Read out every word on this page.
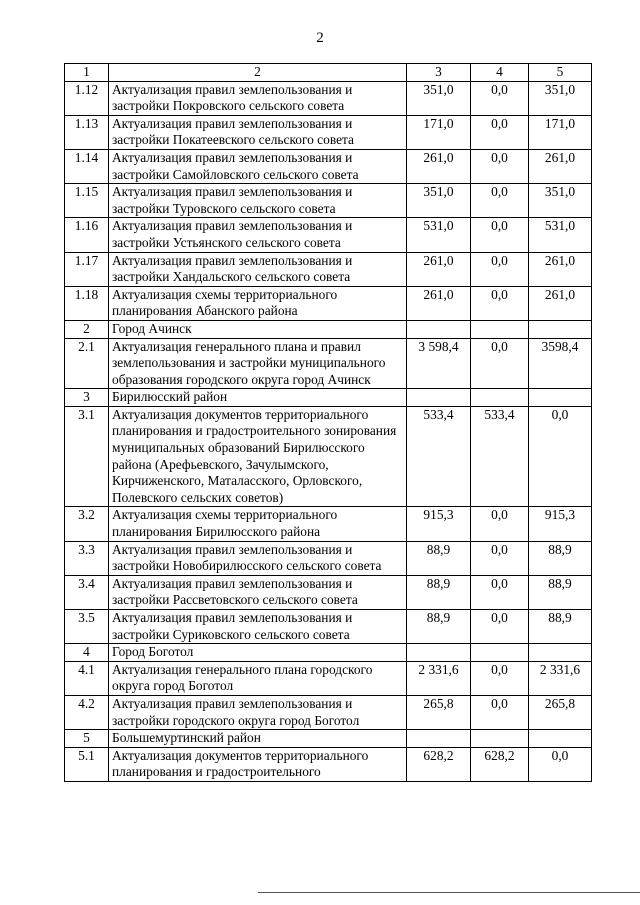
2
1	2	3	4	5
1.12	Актуализация правил землепользования и застройки Покровского сельского совета	351,0	0,0	351,0
1.13	Актуализация правил землепользования и застройки Покатеевского сельского совета	171,0	0,0	171,0
1.14	Актуализация правил землепользования и застройки Самойловского сельского совета	261,0	0,0	261,0
1.15	Актуализация правил землепользования и застройки Туровского сельского совета	351,0	0,0	351,0
1.16	Актуализация правил землепользования и застройки Устьянского сельского совета	531,0	0,0	531,0
1.17	Актуализация правил землепользования и застройки Хандальского сельского совета	261,0	0,0	261,0
1.18	Актуализация схемы территориального планирования Абанского района	261,0	0,0	261,0
2	Город Ачинск			
2.1	Актуализация генерального плана и правил землепользования и застройки муниципального образования городского округа город Ачинск	3 598,4	0,0	3598,4
3	Бирилюсский район			
3.1	Актуализация документов территориального планирования и градостроительного зонирования муниципальных образований Бирилюсского района (Арефьевского, Зачулымского, Кирчиженского, Маталасского, Орловского, Полевского сельских советов)	533,4	533,4	0,0
3.2	Актуализация схемы территориального планирования Бирилюсского района	915,3	0,0	915,3
3.3	Актуализация правил землепользования и застройки Новобирилюсского сельского совета	88,9	0,0	88,9
3.4	Актуализация правил землепользования и застройки Рассветовского сельского совета	88,9	0,0	88,9
3.5	Актуализация правил землепользования и застройки Суриковского сельского совета	88,9	0,0	88,9
4	Город Боготол			
4.1	Актуализация генерального плана городского округа город Боготол	2 331,6	0,0	2 331,6
4.2	Актуализация правил землепользования и застройки городского округа город Боготол	265,8	0,0	265,8
5	Большемуртинский район			
5.1	Актуализация документов территориального планирования и градостроительного	628,2	628,2	0,0
